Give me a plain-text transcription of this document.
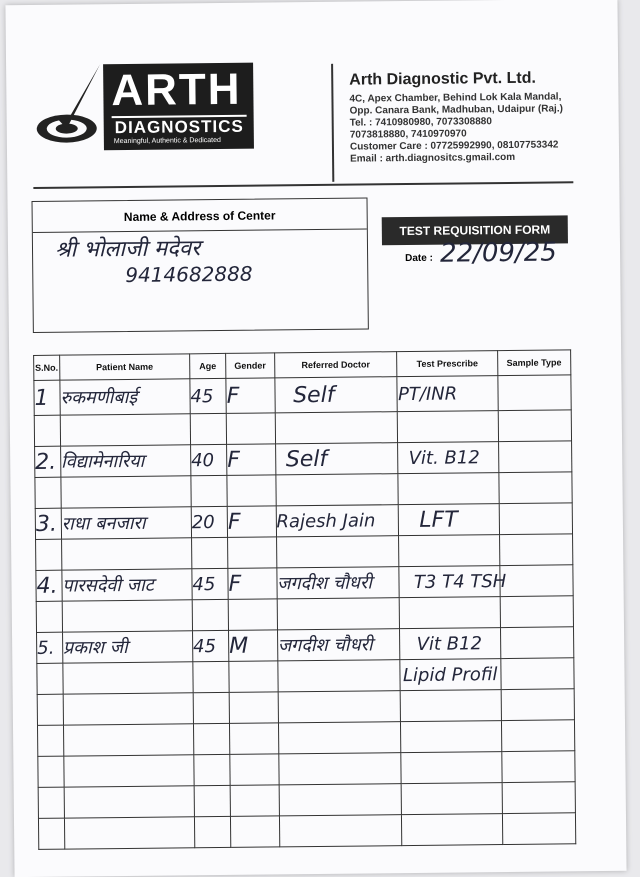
ARTH
DIAGNOSTICS
Meaningful, Authentic & Dedicated
Arth Diagnostic Pvt. Ltd.
4C, Apex Chamber, Behind Lok Kala Mandal, Opp. Canara Bank, Madhuban, Udaipur (Raj.)
Tel. : 7410980980, 7073308880
7073818880, 7410970970
Customer Care : 07725992990, 08107753342
Email : arth.diagnositcs.gmail.com
Name & Address of Center
श्री भोलाजी मदेवर
9414682888
TEST REQUISITION FORM
Date : 22/09/25
S.No.	Patient Name	Age	Gender	Referred Doctor	Test Prescribe	Sample Type

1	रुकमणीबाई	45	F	Self	PT/INR	

2.	विद्यामेनारिया	40	F	Self	Vit. B12	

3.	राधा बनजारा	20	F	Rajesh Jain	LFT	

4.	पारसदेवी जाट	45	F	जगदीश चौधरी	T3 T4 TSH	

5.	प्रकाश जी	45	M	जगदीश चौधरी	Vit B12	

					Lipid Profil	
